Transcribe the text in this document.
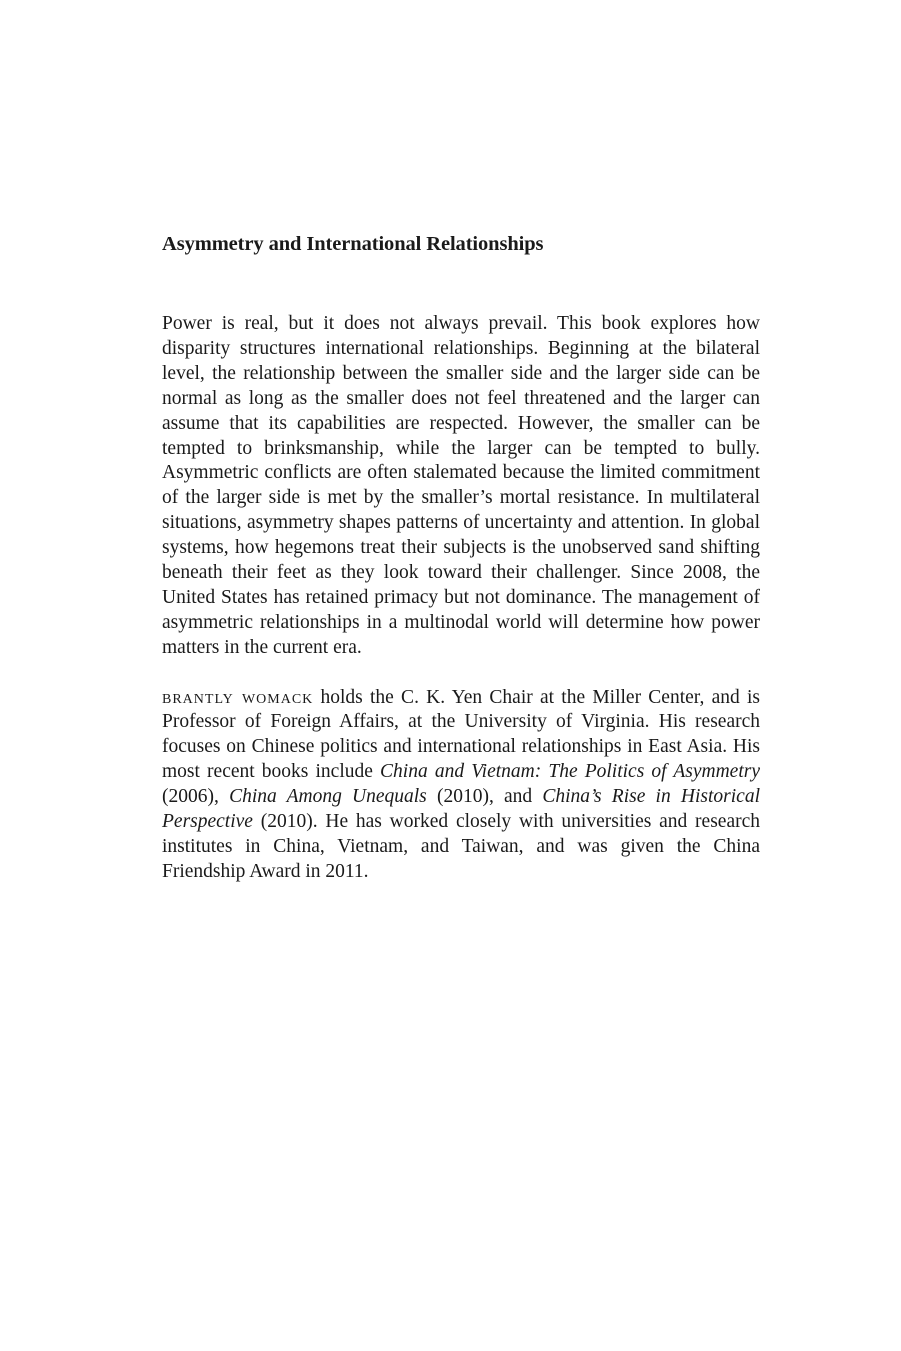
Asymmetry and International Relationships

Power is real, but it does not always prevail. This book explores how disparity structures international relationships. Beginning at the bilateral level, the relationship between the smaller side and the larger side can be normal as long as the smaller does not feel threatened and the larger can assume that its capabilities are respected. However, the smaller can be tempted to brinksmanship, while the larger can be tempted to bully. Asymmetric conflicts are often stalemated because the limited commitment of the larger side is met by the smaller’s mortal resistance. In multilateral situations, asymmetry shapes patterns of uncertainty and attention. In global systems, how hegemons treat their subjects is the unobserved sand shifting beneath their feet as they look toward their challenger. Since 2008, the United States has retained primacy but not dominance. The management of asymmetric relationships in a multinodal world will determine how power matters in the current era.

brantly womack holds the C. K. Yen Chair at the Miller Center, and is Professor of Foreign Affairs, at the University of Virginia. His research focuses on Chinese politics and international relationships in East Asia. His most recent books include China and Vietnam: The Politics of Asymmetry (2006), China Among Unequals (2010), and China’s Rise in Historical Perspective (2010). He has worked closely with universities and research institutes in China, Vietnam, and Taiwan, and was given the China Friendship Award in 2011.
